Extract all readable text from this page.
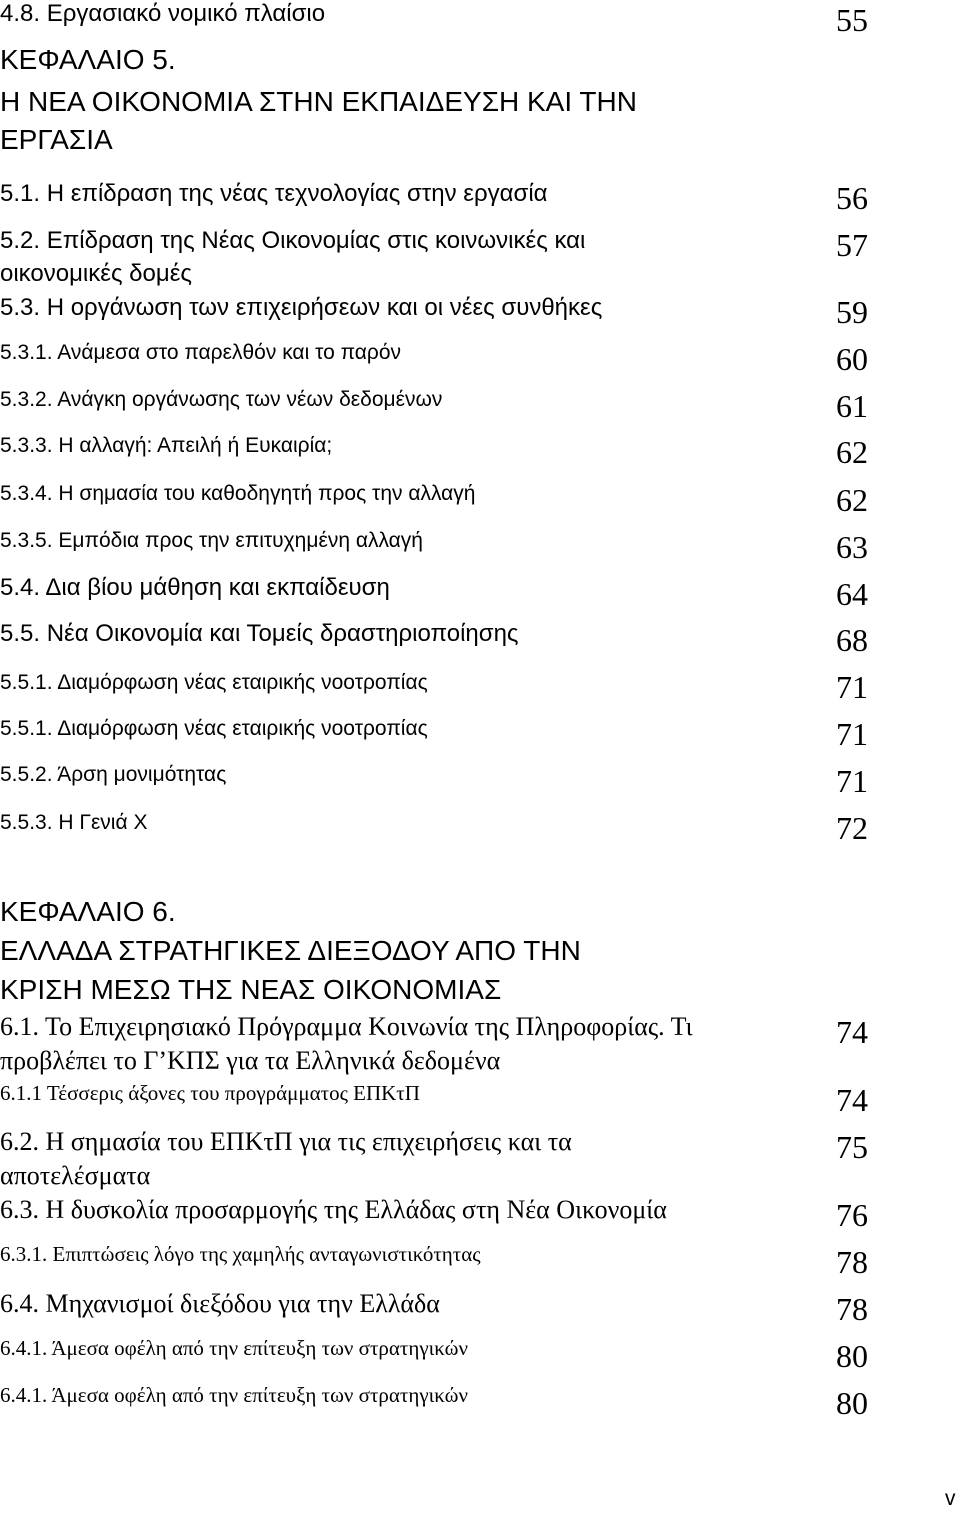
4.8. Εργασιακό νομικό πλαίσιο	55
ΚΕΦΑΛΑΙΟ 5.
Η ΝΕΑ ΟΙΚΟΝΟΜΙΑ ΣΤΗΝ ΕΚΠΑΙΔΕΥΣΗ ΚΑΙ ΤΗΝ
ΕΡΓΑΣΙΑ
5.1. Η επίδραση της νέας τεχνολογίας στην εργασία	56
5.2. Επίδραση της Νέας Οικονομίας στις κοινωνικές και	57
οικονομικές δομές
5.3. Η οργάνωση των επιχειρήσεων και οι νέες συνθήκες	59
5.3.1. Ανάμεσα στο παρελθόν και το παρόν	60
5.3.2. Ανάγκη οργάνωσης των νέων δεδομένων	61
5.3.3. Η αλλαγή: Απειλή ή Ευκαιρία;	62
5.3.4. Η σημασία του καθοδηγητή προς την αλλαγή	62
5.3.5. Εμπόδια προς την επιτυχημένη αλλαγή	63
5.4. Δια βίου μάθηση και εκπαίδευση	64
5.5. Νέα Οικονομία και Τομείς δραστηριοποίησης	68
5.5.1. Διαμόρφωση νέας εταιρικής νοοτροπίας	71
5.5.1. Διαμόρφωση νέας εταιρικής νοοτροπίας	71
5.5.2. Άρση μονιμότητας	71
5.5.3. Η Γενιά Χ	72
ΚΕΦΑΛΑΙΟ 6.
ΕΛΛΑΔΑ ΣΤΡΑΤΗΓΙΚΕΣ ΔΙΕΞΟΔΟΥ ΑΠΟ ΤΗΝ
ΚΡΙΣΗ ΜΕΣΩ ΤΗΣ ΝΕΑΣ ΟΙΚΟΝΟΜΙΑΣ
6.1. Το Επιχειρησιακό Πρόγραμμα Κοινωνία της Πληροφορίας. Τι	74
προβλέπει το Γ’ΚΠΣ για τα Ελληνικά δεδομένα
6.1.1 Τέσσερις άξονες του προγράμματος ΕΠΚτΠ	74
6.2. Η σημασία του ΕΠΚτΠ για τις επιχειρήσεις και τα	75
αποτελέσματα
6.3. Η δυσκολία προσαρμογής της Ελλάδας στη Νέα Οικονομία	76
6.3.1. Επιπτώσεις λόγο της χαμηλής ανταγωνιστικότητας	78
6.4. Μηχανισμοί διεξόδου για την Ελλάδα	78
6.4.1. Άμεσα οφέλη από την επίτευξη των στρατηγικών	80
6.4.1. Άμεσα οφέλη από την επίτευξη των στρατηγικών	80
v
